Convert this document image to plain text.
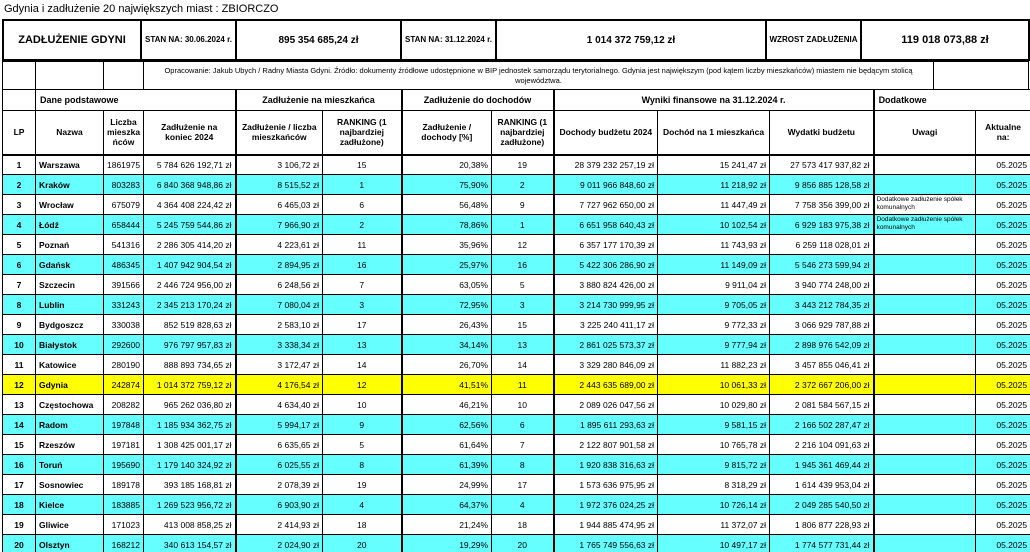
Gdynia i zadłużenie 20 największych miast : ZBIORCZO
ZADŁUŻENIE GDYNI	STAN NA: 30.06.2024 r.	895 354 685,24 zł	STAN NA: 31.12.2024 r.	1 014 372 759,12 zł	WZROST ZADŁUŻENIA	119 018 073,88 zł
			Opracowanie: Jakub Ubych / Radny Miasta Gdyni. Źródło: dokumenty źródłowe udostępnione w BIP jednostek samorządu terytorialnego. Gdynia jest największym (pod kątem liczby mieszkańców) miastem nie będącym stolicą województwa.	
	Dane podstawowe			Zadłużenie na mieszkańca		Zadłużenie do dochodów		Wyniki finansowe na 31.12.2024 r.			Dodatkowe	
LP	Nazwa	Liczba mieszka ńców	Zadłużenie na koniec 2024	Zadłużenie / liczba mieszkańców	RANKING (1 najbardziej zadłużone)	Zadłużenie / dochody [%]	RANKING (1 najbardziej zadłużone)	Dochody budżetu 2024	Dochód na 1 mieszkańca	Wydatki budżetu	Uwagi	Aktualne na:
1	Warszawa	1861975	5 784 626 192,71 zł	3 106,72 zł	15	20,38%	19	28 379 232 257,19 zł	15 241,47 zł	27 573 417 937,82 zł		05.2025
2	Kraków	803283	6 840 368 948,86 zł	8 515,52 zł	1	75,90%	2	9 011 966 848,60 zł	11 218,92 zł	9 856 885 128,58 zł		05.2025
3	Wrocław	675079	4 364 408 224,42 zł	6 465,03 zł	6	56,48%	9	7 727 962 650,00 zł	11 447,49 zł	7 758 356 399,00 zł	Dodatkowe zadłużenie spółek komunalnych	05.2025
4	Łódź	658444	5 245 759 544,86 zł	7 966,90 zł	2	78,86%	1	6 651 958 640,43 zł	10 102,54 zł	6 929 183 975,38 zł	Dodatkowe zadłużenie spółek komunalnych	05.2025
5	Poznań	541316	2 286 305 414,20 zł	4 223,61 zł	11	35,96%	12	6 357 177 170,39 zł	11 743,93 zł	6 259 118 028,01 zł		05.2025
6	Gdańsk	486345	1 407 942 904,54 zł	2 894,95 zł	16	25,97%	16	5 422 306 286,90 zł	11 149,09 zł	5 546 273 599,94 zł		05.2025
7	Szczecin	391566	2 446 724 956,00 zł	6 248,56 zł	7	63,05%	5	3 880 824 426,00 zł	9 911,04 zł	3 940 774 248,00 zł		05.2025
8	Lublin	331243	2 345 213 170,24 zł	7 080,04 zł	3	72,95%	3	3 214 730 999,95 zł	9 705,05 zł	3 443 212 784,35 zł		05.2025
9	Bydgoszcz	330038	852 519 828,63 zł	2 583,10 zł	17	26,43%	15	3 225 240 411,17 zł	9 772,33 zł	3 066 929 787,88 zł		05.2025
10	Białystok	292600	976 797 957,83 zł	3 338,34 zł	13	34,14%	13	2 861 025 573,37 zł	9 777,94 zł	2 898 976 542,09 zł		05.2025
11	Katowice	280190	888 893 734,65 zł	3 172,47 zł	14	26,70%	14	3 329 280 846,09 zł	11 882,23 zł	3 457 855 046,41 zł		05.2025
12	Gdynia	242874	1 014 372 759,12 zł	4 176,54 zł	12	41,51%	11	2 443 635 689,00 zł	10 061,33 zł	2 372 667 206,00 zł		05.2025
13	Częstochowa	208282	965 262 036,80 zł	4 634,40 zł	10	46,21%	10	2 089 026 047,56 zł	10 029,80 zł	2 081 584 567,15 zł		05.2025
14	Radom	197848	1 185 934 362,75 zł	5 994,17 zł	9	62,56%	6	1 895 611 293,63 zł	9 581,15 zł	2 166 502 287,47 zł		05.2025
15	Rzeszów	197181	1 308 425 001,17 zł	6 635,65 zł	5	61,64%	7	2 122 807 901,58 zł	10 765,78 zł	2 216 104 091,63 zł		05.2025
16	Toruń	195690	1 179 140 324,92 zł	6 025,55 zł	8	61,39%	8	1 920 838 316,63 zł	9 815,72 zł	1 945 361 469,44 zł		05.2025
17	Sosnowiec	189178	393 185 168,81 zł	2 078,39 zł	19	24,99%	17	1 573 636 975,95 zł	8 318,29 zł	1 614 439 953,04 zł		05.2025
18	Kielce	183885	1 269 523 956,72 zł	6 903,90 zł	4	64,37%	4	1 972 376 024,25 zł	10 726,14 zł	2 049 285 540,50 zł		05.2025
19	Gliwice	171023	413 008 858,25 zł	2 414,93 zł	18	21,24%	18	1 944 885 474,95 zł	11 372,07 zł	1 806 877 228,93 zł		05.2025
20	Olsztyn	168212	340 613 154,57 zł	2 024,90 zł	20	19,29%	20	1 765 749 556,63 zł	10 497,17 zł	1 774 577 731,44 zł		05.2025
